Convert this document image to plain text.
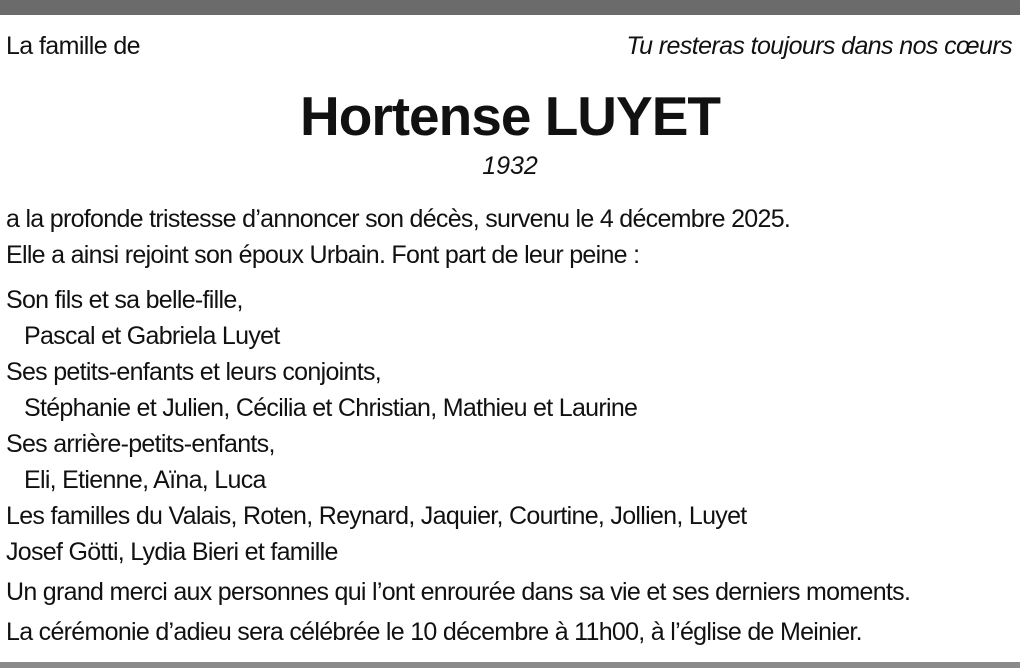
La famille de	Tu resteras toujours dans nos cœurs
Hortense LUYET
1932
a la profonde tristesse d’annoncer son décès, survenu le 4 décembre 2025.
Elle a ainsi rejoint son époux Urbain. Font part de leur peine :
Son fils et sa belle-fille,
Pascal et Gabriela Luyet
Ses petits-enfants et leurs conjoints,
Stéphanie et Julien, Cécilia et Christian, Mathieu et Laurine
Ses arrière-petits-enfants,
Eli, Etienne, Aïna, Luca
Les familles du Valais, Roten, Reynard, Jaquier, Courtine, Jollien, Luyet
Josef Götti, Lydia Bieri et famille
Un grand merci aux personnes qui l’ont enrourée dans sa vie et ses derniers moments.
La cérémonie d’adieu sera célébrée le 10 décembre à 11h00, à l’église de Meinier.
